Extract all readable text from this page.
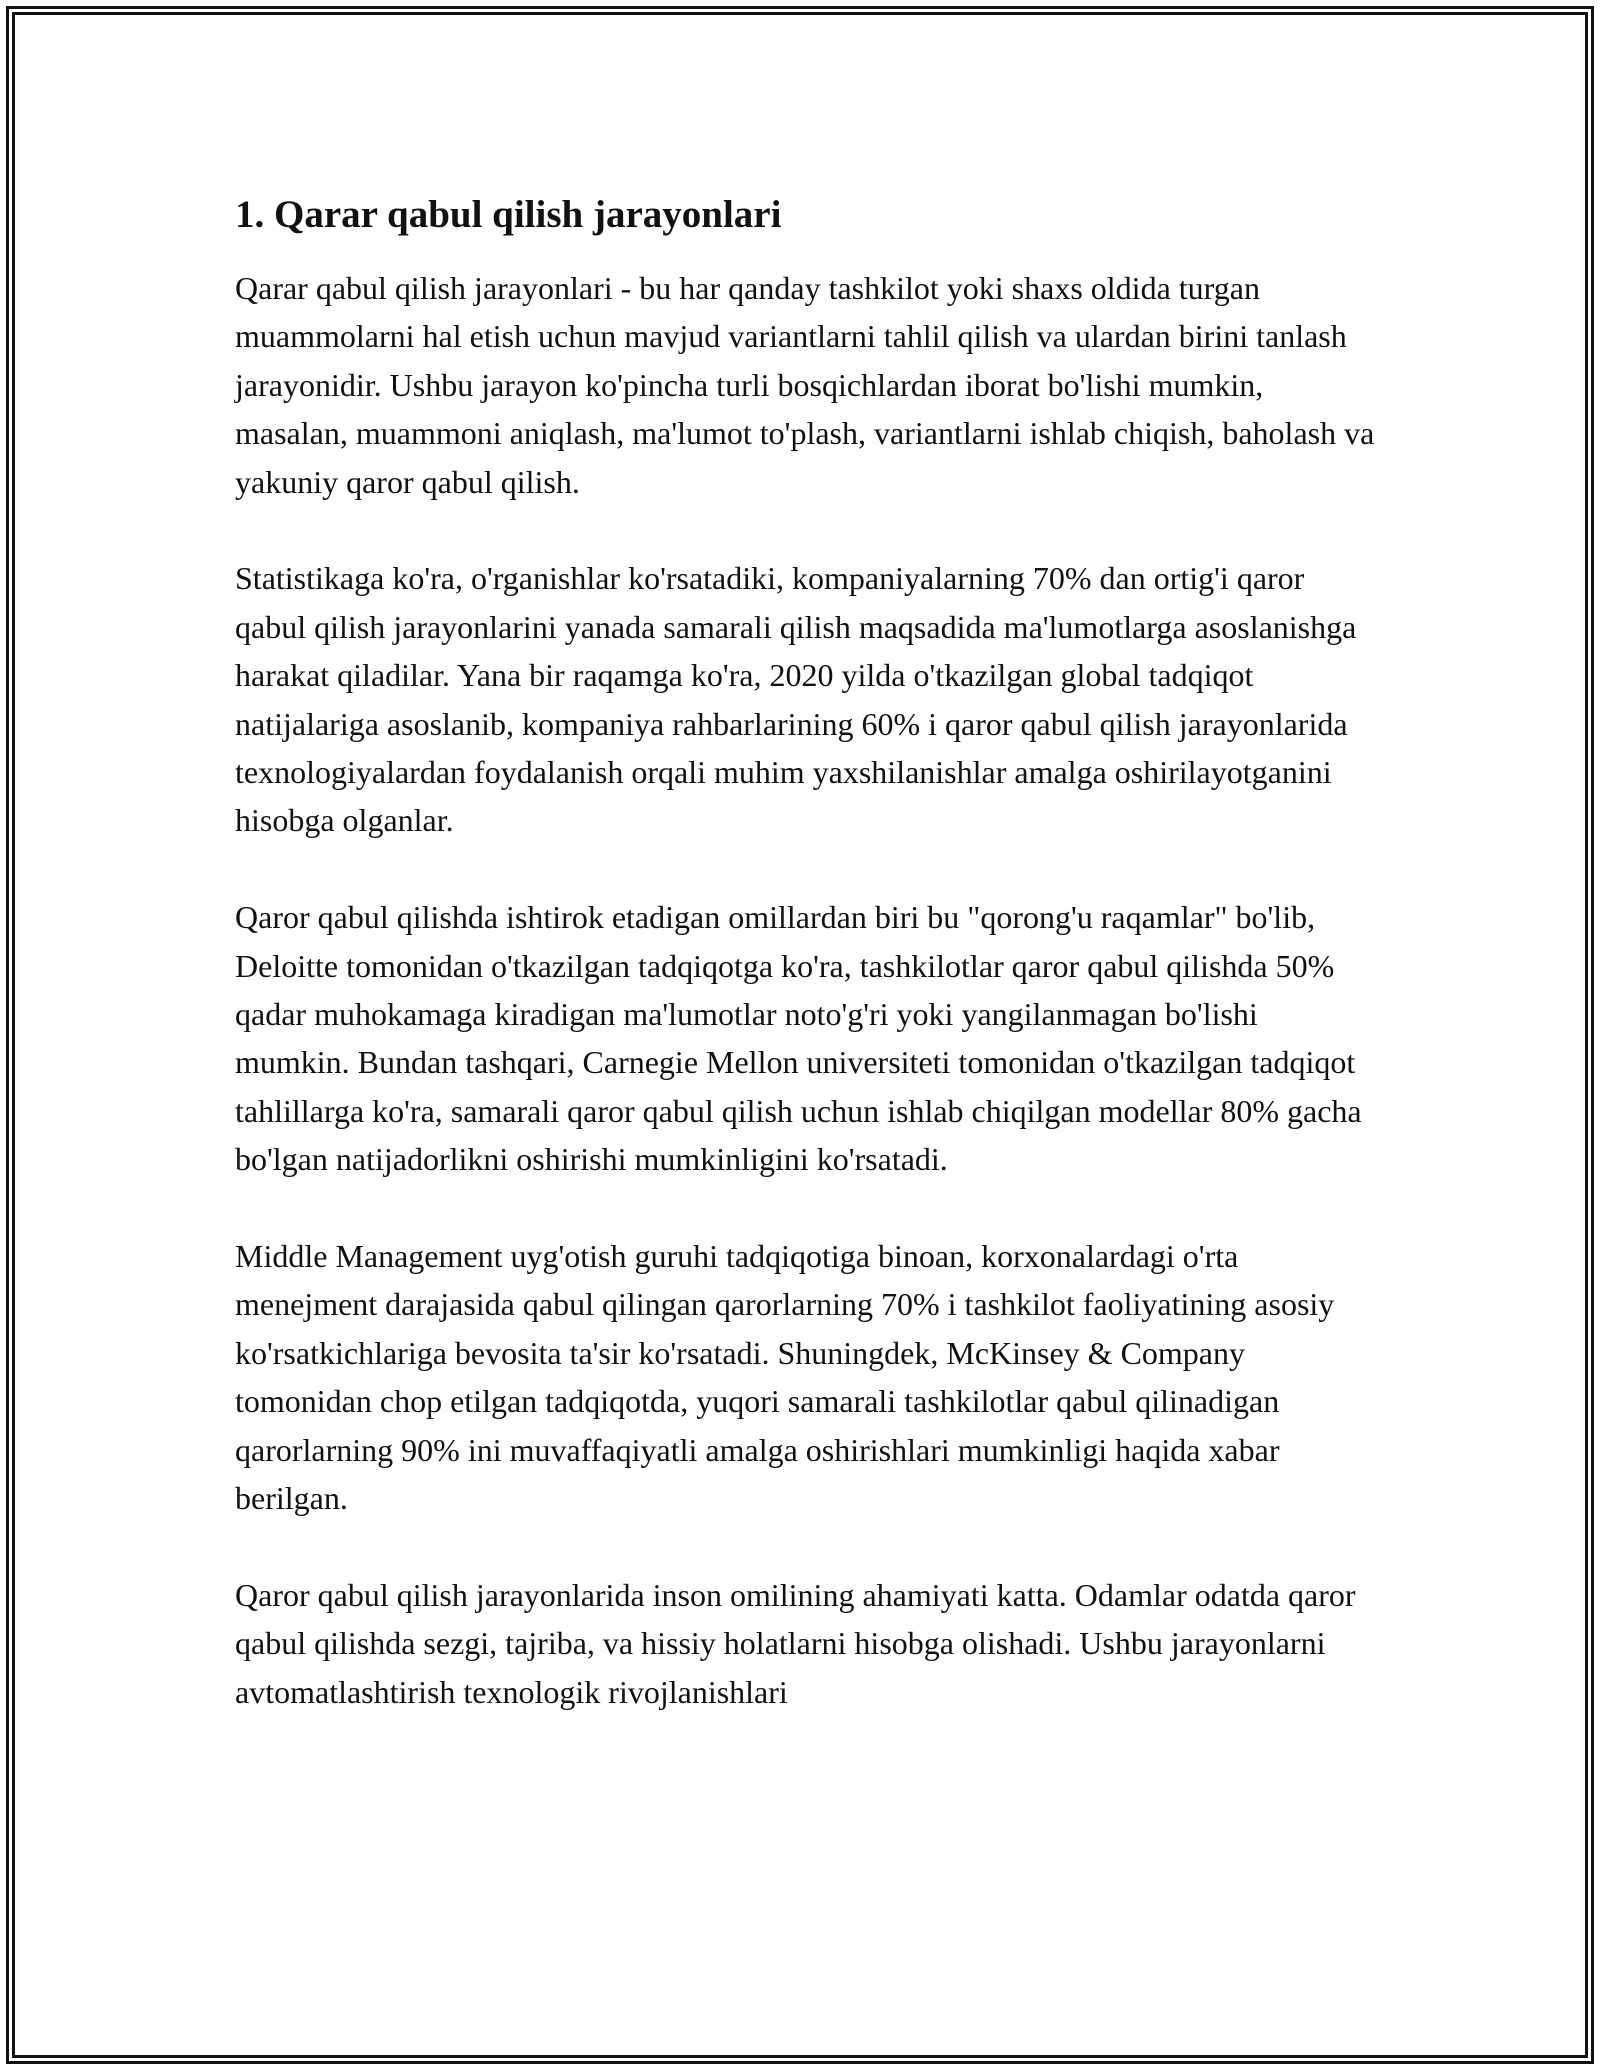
1. Qarar qabul qilish jarayonlari

Qarar qabul qilish jarayonlari - bu har qanday tashkilot yoki shaxs oldida turgan muammolarni hal etish uchun mavjud variantlarni tahlil qilish va ulardan birini tanlash jarayonidir. Ushbu jarayon ko'pincha turli bosqichlardan iborat bo'lishi mumkin, masalan, muammoni aniqlash, ma'lumot to'plash, variantlarni ishlab chiqish, baholash va yakuniy qaror qabul qilish.

Statistikaga ko'ra, o'rganishlar ko'rsatadiki, kompaniyalarning 70% dan ortig'i qaror qabul qilish jarayonlarini yanada samarali qilish maqsadida ma'lumotlarga asoslanishga harakat qiladilar. Yana bir raqamga ko'ra, 2020 yilda o'tkazilgan global tadqiqot natijalariga asoslanib, kompaniya rahbarlarining 60% i qaror qabul qilish jarayonlarida texnologiyalardan foydalanish orqali muhim yaxshilanishlar amalga oshirilayotganini hisobga olganlar.

Qaror qabul qilishda ishtirok etadigan omillardan biri bu "qorong'u raqamlar" bo'lib, Deloitte tomonidan o'tkazilgan tadqiqotga ko'ra, tashkilotlar qaror qabul qilishda 50% qadar muhokamaga kiradigan ma'lumotlar noto'g'ri yoki yangilanmagan bo'lishi mumkin. Bundan tashqari, Carnegie Mellon universiteti tomonidan o'tkazilgan tadqiqot tahlillarga ko'ra, samarali qaror qabul qilish uchun ishlab chiqilgan modellar 80% gacha bo'lgan natijadorlikni oshirishi mumkinligini ko'rsatadi.

Middle Management uyg'otish guruhi tadqiqotiga binoan, korxonalardagi o'rta menejment darajasida qabul qilingan qarorlarning 70% i tashkilot faoliyatining asosiy ko'rsatkichlariga bevosita ta'sir ko'rsatadi. Shuningdek, McKinsey & Company tomonidan chop etilgan tadqiqotda, yuqori samarali tashkilotlar qabul qilinadigan qarorlarning 90% ini muvaffaqiyatli amalga oshirishlari mumkinligi haqida xabar berilgan.

Qaror qabul qilish jarayonlarida inson omilining ahamiyati katta. Odamlar odatda qaror qabul qilishda sezgi, tajriba, va hissiy holatlarni hisobga olishadi. Ushbu jarayonlarni avtomatlashtirish texnologik rivojlanishlari
